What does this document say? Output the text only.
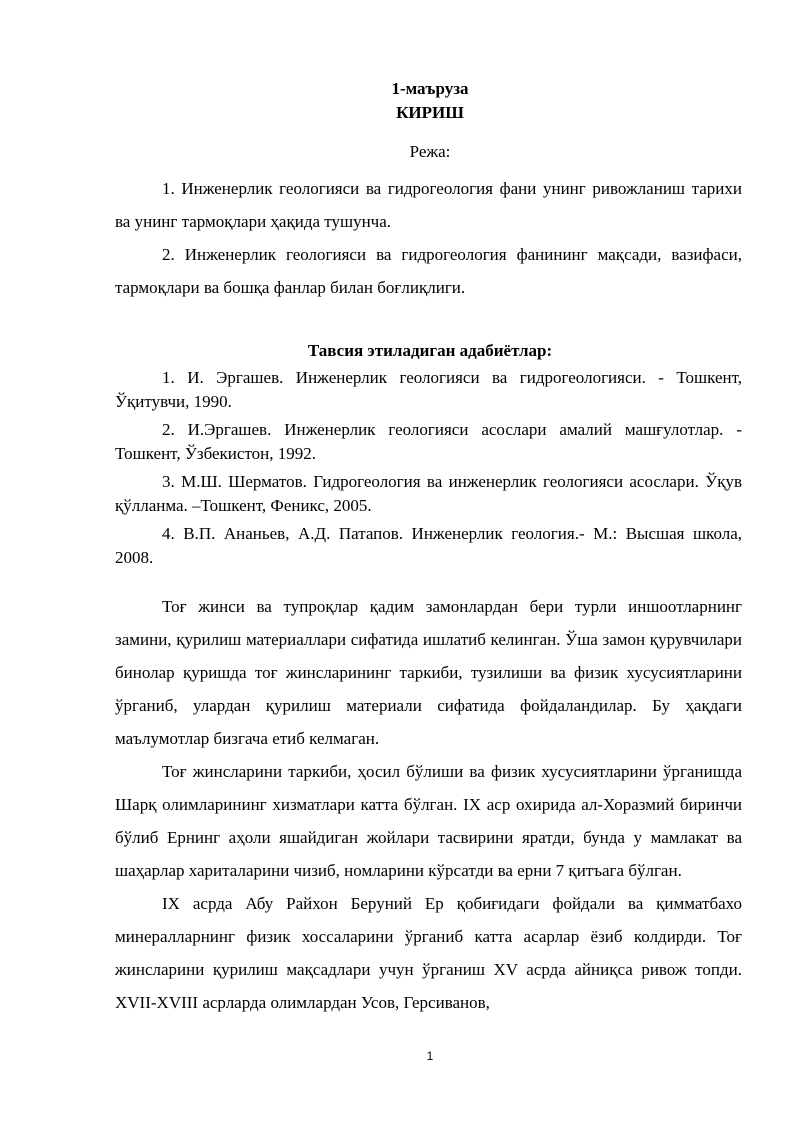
1-маъруза
КИРИШ
Режа:

1. Инженерлик геологияси ва гидрогеология фани унинг ривожланиш тарихи ва унинг тармоқлари ҳақида тушунча.

2. Инженерлик геологияси ва гидрогеология фанининг мақсади, вазифаси, тармоқлари ва бошқа фанлар билан боғлиқлиги.

Тавсия этиладиган адабиётлар:

1. И. Эргашев. Инженерлик геологияси ва гидрогеологияси. - Тошкент, Ўқитувчи, 1990.

2. И.Эргашев. Инженерлик геологияси асослари амалий машғулотлар. - Тошкент, Ўзбекистон, 1992.

3. М.Ш. Шерматов. Гидрогеология ва инженерлик геологияси асослари. Ўқув қўлланма. –Тошкент, Феникс, 2005.

4. В.П. Ананьев, А.Д. Патапов. Инженерлик геология.- М.: Высшая школа, 2008.

Тоғ жинси ва тупроқлар қадим замонлардан бери турли иншоотларнинг замини, қурилиш материаллари сифатида ишлатиб келинган. Ўша замон қурувчилари бинолар қуришда тоғ жинсларининг таркиби, тузилиши ва физик хусусиятларини ўрганиб, улардан қурилиш материали сифатида фойдаландилар. Бу ҳақдаги маълумотлар бизгача етиб келмаган.

Тоғ жинсларини таркиби, ҳосил бўлиши ва физик хусусиятларини ўрганишда Шарқ олимларининг хизматлари катта бўлган. IX аср охирида ал-Хоразмий биринчи бўлиб Ернинг аҳоли яшайдиган жойлари тасвирини яратди, бунда у мамлакат ва шаҳарлар хариталарини чизиб, номларини кўрсатди ва ерни 7 қитъага бўлган.

IX асрда Абу Райхон Беруний Ер қобиғидаги фойдали ва қимматбахо минералларнинг физик хоссаларини ўрганиб катта асарлар ёзиб колдирди. Тоғ жинсларини қурилиш мақсадлари учун ўрганиш XV асрда айниқса ривож топди. XVII-XVIII асрларда олимлардан Усов, Герсиванов,

1
